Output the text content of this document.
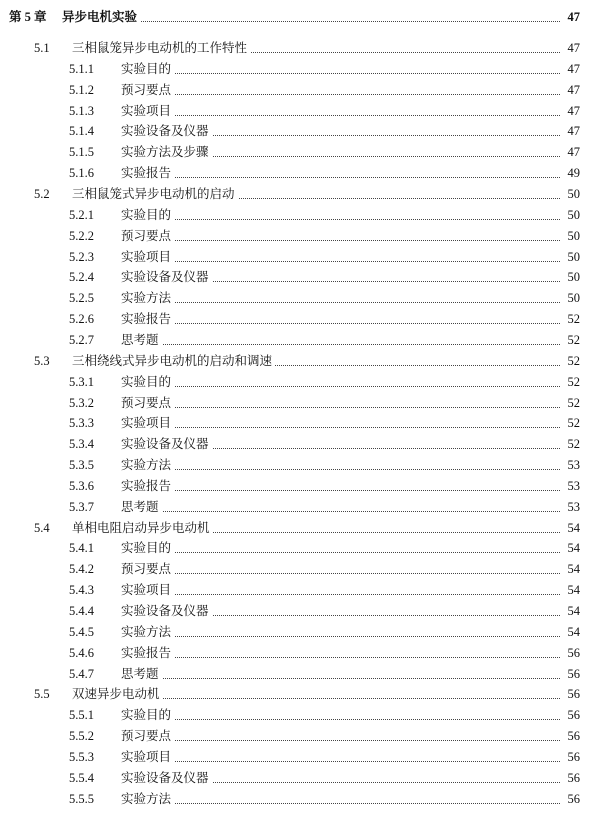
第 5 章 异步电机实验	47
5.1 三相鼠笼异步电动机的工作特性	47
5.1.1 实验目的	47
5.1.2 预习要点	47
5.1.3 实验项目	47
5.1.4 实验设备及仪器	47
5.1.5 实验方法及步骤	47
5.1.6 实验报告	49
5.2 三相鼠笼式异步电动机的启动	50
5.2.1 实验目的	50
5.2.2 预习要点	50
5.2.3 实验项目	50
5.2.4 实验设备及仪器	50
5.2.5 实验方法	50
5.2.6 实验报告	52
5.2.7 思考题	52
5.3 三相绕线式异步电动机的启动和调速	52
5.3.1 实验目的	52
5.3.2 预习要点	52
5.3.3 实验项目	52
5.3.4 实验设备及仪器	52
5.3.5 实验方法	53
5.3.6 实验报告	53
5.3.7 思考题	53
5.4 单相电阻启动异步电动机	54
5.4.1 实验目的	54
5.4.2 预习要点	54
5.4.3 实验项目	54
5.4.4 实验设备及仪器	54
5.4.5 实验方法	54
5.4.6 实验报告	56
5.4.7 思考题	56
5.5 双速异步电动机	56
5.5.1 实验目的	56
5.5.2 预习要点	56
5.5.3 实验项目	56
5.5.4 实验设备及仪器	56
5.5.5 实验方法	56
